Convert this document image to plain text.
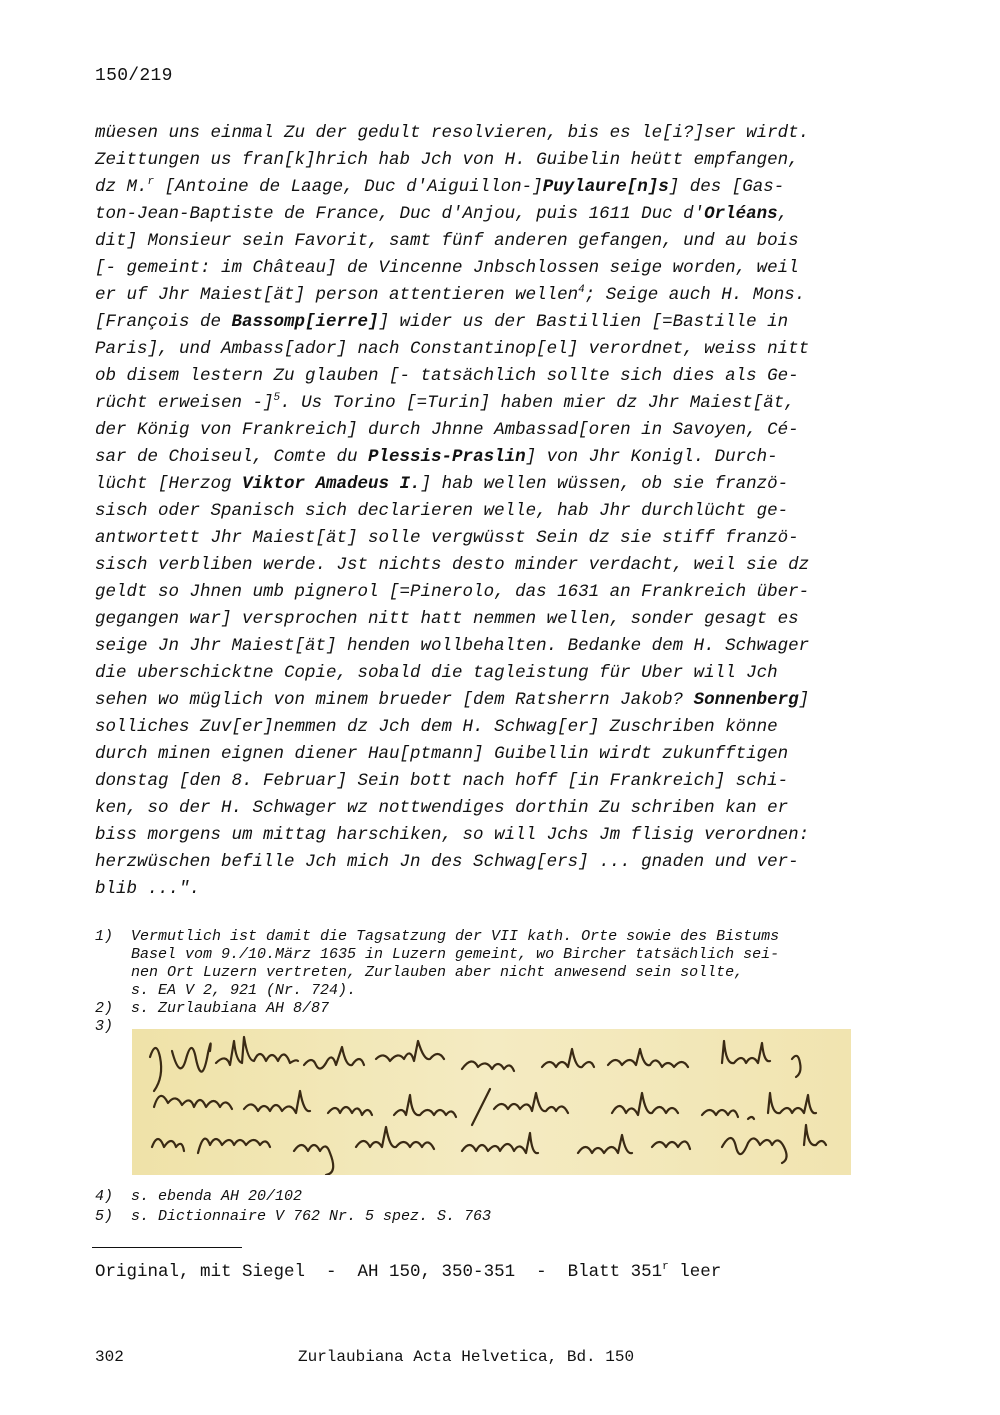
150/219
müesen uns einmal Zu der gedult resolvieren, bis es le[i?]ser wirdt.
Zeittungen us fran[k]hrich hab Jch von H. Guibelin heütt empfangen,
dz M.$^r$ [Antoine de Laage, Duc d'Aiguillon-]Puylaure[n]s] des [Gas-
ton-Jean-Baptiste de France, Duc d'Anjou, puis 1611 Duc d'Orléans,
dit] Monsieur sein Favorit, samt fünf anderen gefangen, und au bois
[- gemeint: im Château] de Vincenne Jnbschlossen seige worden, weil
er uf Jhr Maiest[ät] person attentieren wellen$^4$; Seige auch H. Mons.
[François de Bassomp[ierre]] wider us der Bastillien [=Bastille in
Paris], und Ambass[ador] nach Constantinop[el] verordnet, weiss nitt
ob disem lestern Zu glauben [- tatsächlich sollte sich dies als Ge-
rücht erweisen -]$^5$. Us Torino [=Turin] haben mier dz Jhr Maiest[ät,
der König von Frankreich] durch Jhnne Ambassad[oren in Savoyen, Cé-
sar de Choiseul, Comte du Plessis-Praslin] von Jhr Konigl. Durch-
lücht [Herzog Viktor Amadeus I.] hab wellen wüssen, ob sie franzö-
sisch oder Spanisch sich declarieren welle, hab Jhr durchlücht ge-
antwortett Jhr Maiest[ät] solle vergwüsst Sein dz sie stiff franzö-
sisch verbliben werde. Jst nichts desto minder verdacht, weil sie dz
geldt so Jhnen umb pignerol [=Pinerolo, das 1631 an Frankreich über-
gegangen war] versprochen nitt hatt nemmen wellen, sonder gesagt es
seige Jn Jhr Maiest[ät] henden wollbehalten. Bedanke dem H. Schwager
die uberschicktne Copie, sobald die tagleistung für Uber will Jch
sehen wo müglich von minem brueder [dem Ratsherrn Jakob? Sonnenberg]
solliches Zuv[er]nemmen dz Jch dem H. Schwag[er] Zuschriben könne
durch minen eignen diener Hau[ptmann] Guibellin wirdt zukunfftigen
donstag [den 8. Februar] Sein bott nach hoff [in Frankreich] schi-
ken, so der H. Schwager wz nottwendiges dorthin Zu schriben kan er
biss morgens um mittag harschiken, so will Jchs Jm flisig verordnen:
herzwüschen befille Jch mich Jn des Schwag[ers] ... gnaden und ver-
blib ...".
1)	Vermutlich ist damit die Tagsatzung der VII kath. Orte sowie des Bistums
Basel vom 9./10.März 1635 in Luzern gemeint, wo Bircher tatsächlich sei-
nen Ort Luzern vertreten, Zurlauben aber nicht anwesend sein sollte,
s. EA V 2, 921 (Nr. 724).
2)	s. Zurlaubiana AH 8/87
3)
y. Wallinany arbrictun. / ongsten keyst der ordenlige bott / vor sonderhinnkomen, ich frage dorten ob / verdenfühung: hund / shni Jndenmann Armüfige Abander Königlichen Mayestät de
4)	s. ebenda AH 20/102
5)	s. Dictionnaire V 762 Nr. 5 spez. S. 763
Original, mit Siegel  -  AH 150, 350-351  -  Blatt 351$^r$ leer
302	Zurlaubiana Acta Helvetica, Bd. 150
